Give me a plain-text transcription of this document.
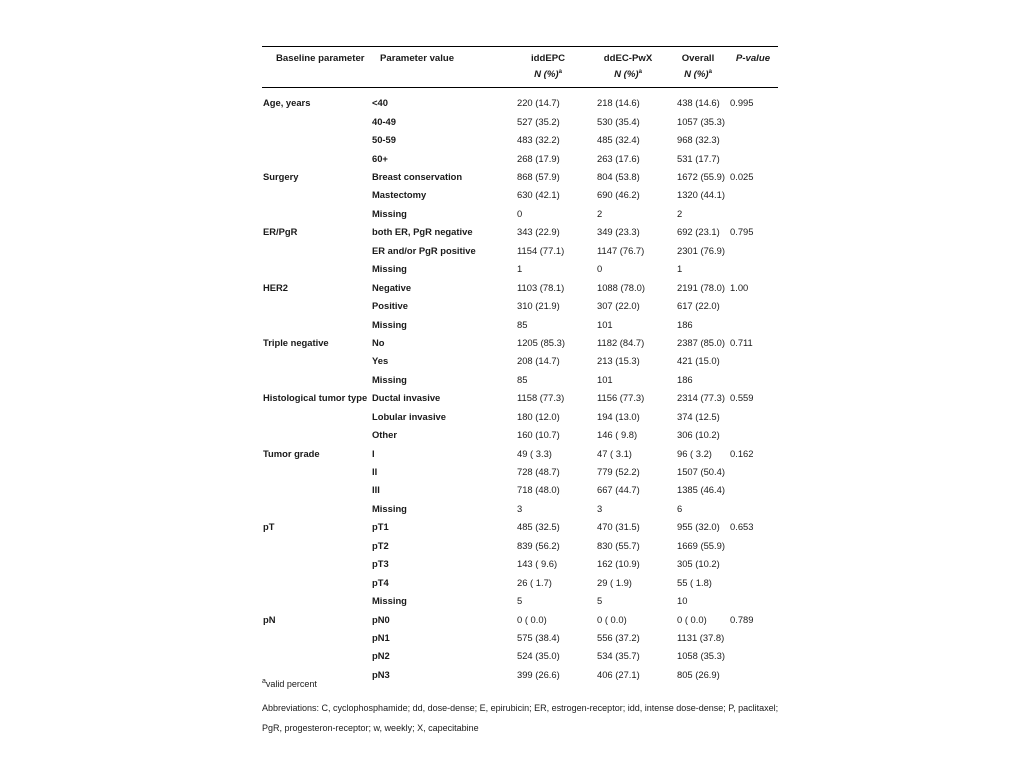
Baseline parameter	Parameter value	iddEPC	ddEC-PwX	Overall	P-value
		N (%)$^a$	N (%)$^a$	N (%)$^a$	
Age, years	<40	220 (14.7)	218 (14.6)	438 (14.6)	0.995
	40-49	527 (35.2)	530 (35.4)	1057 (35.3)	
	50-59	483 (32.2)	485 (32.4)	968 (32.3)	
	60+	268 (17.9)	263 (17.6)	531 (17.7)	
Surgery	Breast conservation	868 (57.9)	804 (53.8)	1672 (55.9)	0.025
	Mastectomy	630 (42.1)	690 (46.2)	1320 (44.1)	
	Missing	0	2	2	
ER/PgR	both ER, PgR negative	343 (22.9)	349 (23.3)	692 (23.1)	0.795
	ER and/or PgR positive	1154 (77.1)	1147 (76.7)	2301 (76.9)	
	Missing	1	0	1	
HER2	Negative	1103 (78.1)	1088 (78.0)	2191 (78.0)	1.00
	Positive	310 (21.9)	307 (22.0)	617 (22.0)	
	Missing	85	101	186	
Triple negative	No	1205 (85.3)	1182 (84.7)	2387 (85.0)	0.711
	Yes	208 (14.7)	213 (15.3)	421 (15.0)	
	Missing	85	101	186	
Histological tumor type	Ductal invasive	1158 (77.3)	1156 (77.3)	2314 (77.3)	0.559
	Lobular invasive	180 (12.0)	194 (13.0)	374 (12.5)	
	Other	160 (10.7)	146 ( 9.8)	306 (10.2)	
Tumor grade	I	49 ( 3.3)	47 ( 3.1)	96 ( 3.2)	0.162
	II	728 (48.7)	779 (52.2)	1507 (50.4)	
	III	718 (48.0)	667 (44.7)	1385 (46.4)	
	Missing	3	3	6	
pT	pT1	485 (32.5)	470 (31.5)	955 (32.0)	0.653
	pT2	839 (56.2)	830 (55.7)	1669 (55.9)	
	pT3	143 ( 9.6)	162 (10.9)	305 (10.2)	
	pT4	26 ( 1.7)	29 ( 1.9)	55 ( 1.8)	
	Missing	5	5	10	
pN	pN0	0 ( 0.0)	0 ( 0.0)	0 ( 0.0)	0.789
	pN1	575 (38.4)	556 (37.2)	1131 (37.8)	
	pN2	524 (35.0)	534 (35.7)	1058 (35.3)	
	pN3	399 (26.6)	406 (27.1)	805 (26.9)	
$^a$valid percent
Abbreviations: C, cyclophosphamide; dd, dose-dense; E, epirubicin; ER, estrogen-receptor; idd, intense dose-dense; P, paclitaxel; PgR, progesteron-receptor; w, weekly; X, capecitabine
